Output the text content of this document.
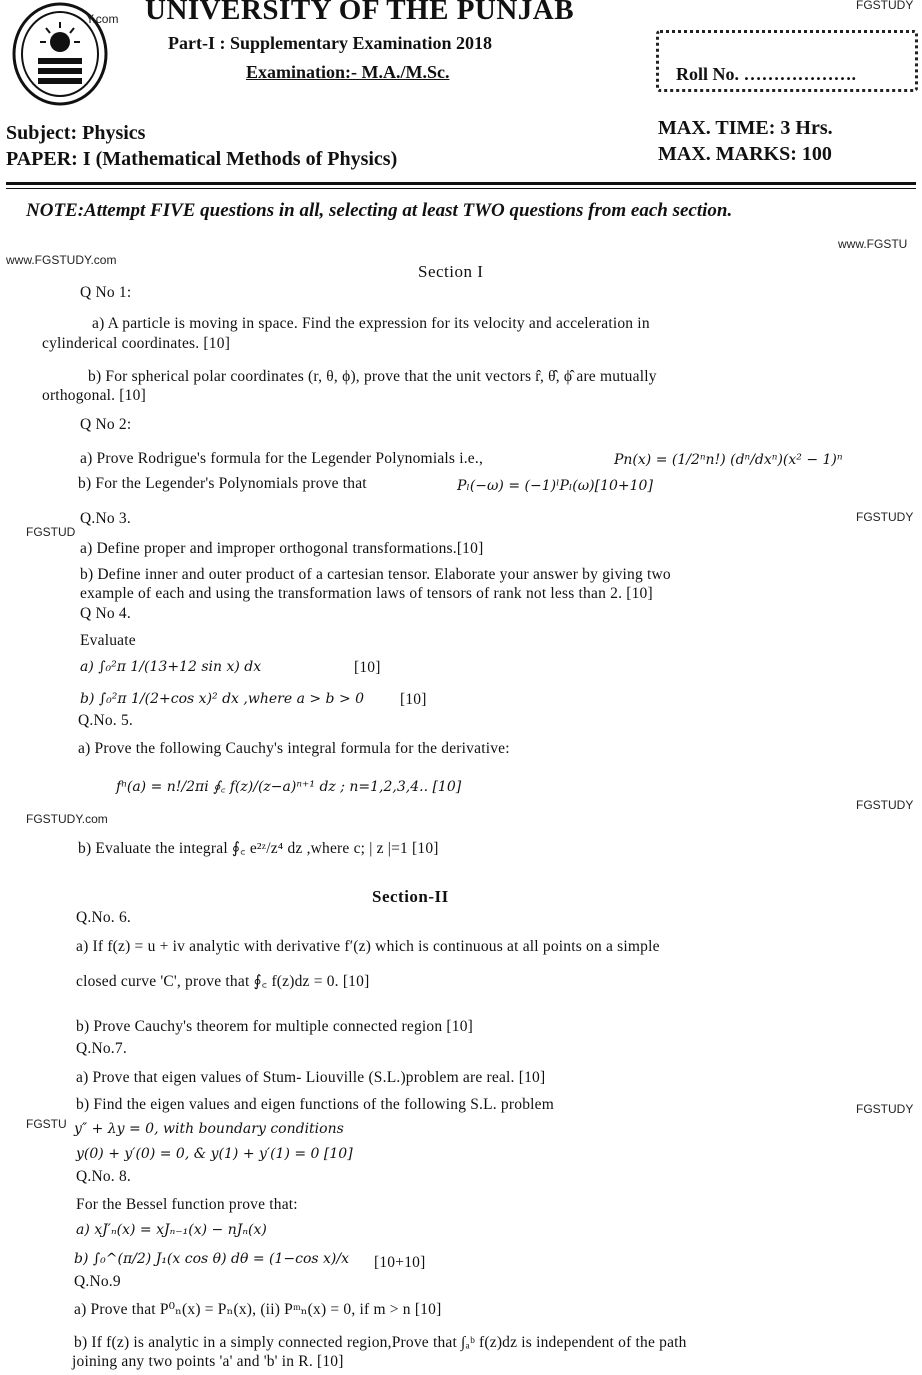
Y.com
FGSTUDY
www.FGSTU
www.FGSTUDY.com
FGSTUD
FGSTUDY
FGSTUDY.com
FGSTUDY
FGSTU
FGSTUDY
UNIVERSITY OF THE PUNJAB
Part-I : Supplementary Examination 2018
Examination:- M.A./M.Sc.	Roll No. ……………….
Subject: Physics
PAPER: I (Mathematical Methods of Physics)
MAX. TIME: 3 Hrs.
MAX. MARKS: 100
NOTE:Attempt FIVE questions in all, selecting at least TWO questions from each section.
Section I
Q No 1:
a) A particle is moving in space. Find the expression for its velocity and acceleration in
cylinderical coordinates. [10]
b) For spherical polar coordinates (r, θ, ϕ), prove that the unit vectors r̂, θ̂, ϕ̂ are mutually
orthogonal. [10]
Q No 2:
a) Prove Rodrigue's formula for the Legender Polynomials i.e.,	Pn(x) = (1/2ⁿn!) (dⁿ/dxⁿ)(x² − 1)ⁿ
b) For the Legender's Polynomials prove that	Pₗ(−ω) = (−1)ˡPₗ(ω)[10+10]
Q.No 3.
a) Define proper and improper orthogonal transformations.[10]
b) Define inner and outer product of a cartesian tensor. Elaborate your answer by giving two
example of each and using the transformation laws of tensors of rank not less than 2. [10]
Q No 4.
Evaluate
a) ∫₀²π 1/(13+12 sin x) dx	[10]
b) ∫₀²π 1/(2+cos x)² dx ,where a > b > 0 [10]
Q.No. 5.
a) Prove the following Cauchy's integral formula for the derivative:
fⁿ(a) = n!/2πi ∮꜀ f(z)/(z−a)ⁿ⁺¹ dz ; n=1,2,3,4.. [10]
b) Evaluate the integral ∮꜀ e²ᶻ/z⁴ dz ,where c; | z |=1 [10]
Section-II
Q.No. 6.
a) If f(z) = u + iv analytic with derivative f′(z) which is continuous at all points on a simple
closed curve 'C', prove that ∮꜀ f(z)dz = 0. [10]
b) Prove Cauchy's theorem for multiple connected region [10]
Q.No.7.
a) Prove that eigen values of Stum- Liouville (S.L.)problem are real. [10]
b) Find the eigen values and eigen functions of the following S.L. problem
y″ + λy = 0, with boundary conditions
y(0) + y′(0) = 0, & y(1) + y′(1) = 0 [10]
Q.No. 8.
For the Bessel function prove that:
a) xJ′ₙ(x) = xJₙ₋₁(x) − nJₙ(x)
b) ∫₀^(π/2) J₁(x cos θ) dθ = (1−cos x)/x [10+10]
Q.No.9
a) Prove that P⁰ₙ(x) = Pₙ(x), (ii) Pᵐₙ(x) = 0, if m > n [10]
b) If f(z) is analytic in a simply connected region,Prove that ∫ₐᵇ f(z)dz is independent of the path
joining any two points 'a' and 'b' in R. [10]
